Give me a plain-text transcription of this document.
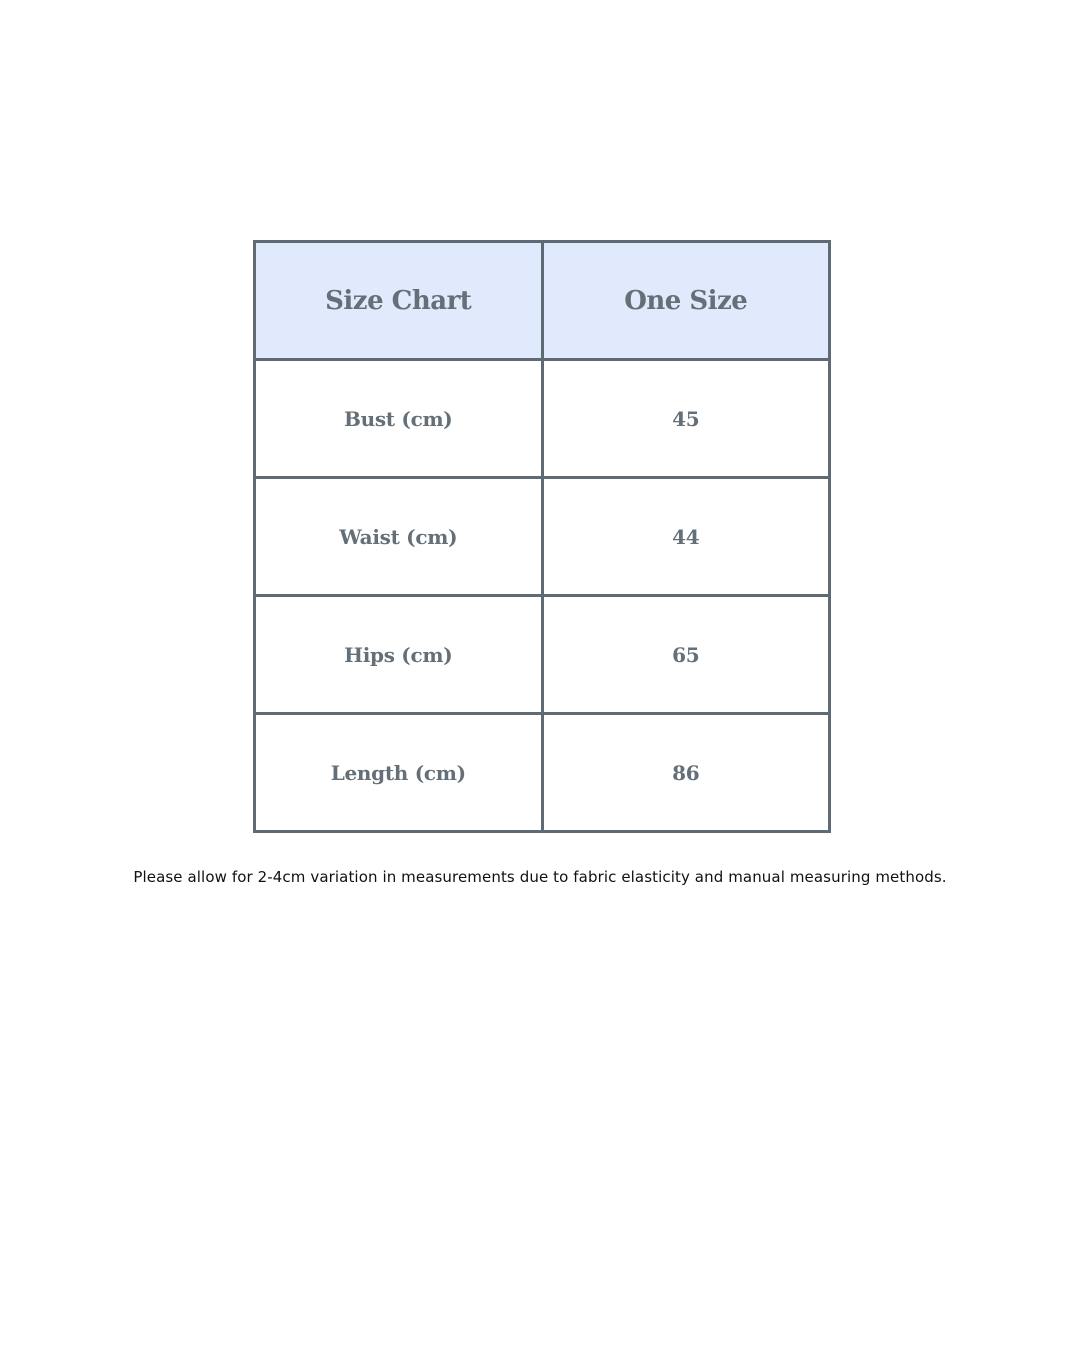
Size Chart	One Size
Bust (cm)	45
Waist (cm)	44
Hips (cm)	65
Length (cm)	86
Please allow for 2-4cm variation in measurements due to fabric elasticity and manual measuring methods.
